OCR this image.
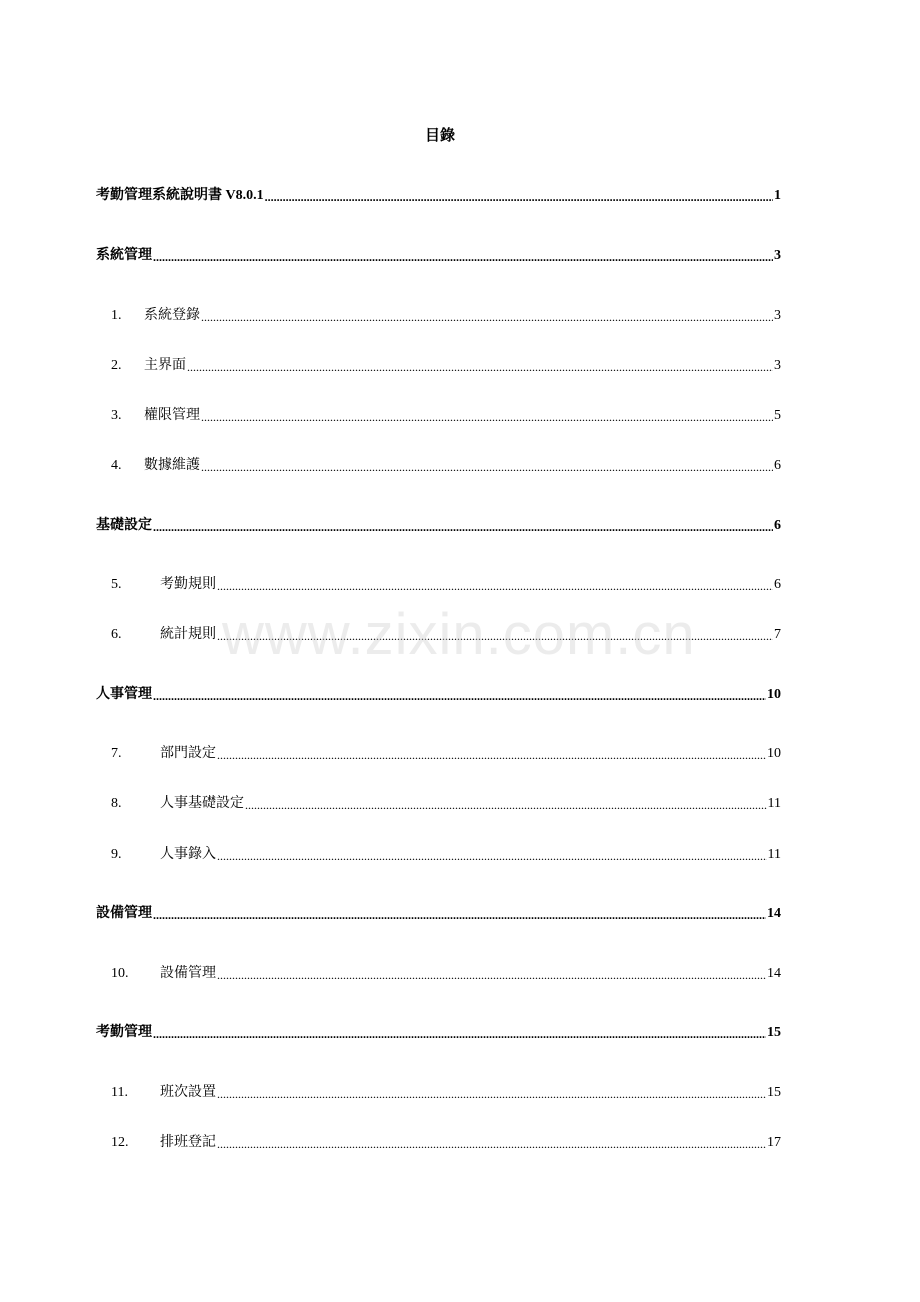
目錄
考勤管理系統說明書 V8.0.1 .....	1
系統管理 .....	3
1.	系統登錄 .....	3
2.	主界面 .....	3
3.	權限管理 .....	5
4.	數據維護 .....	6
基礎設定 .....	6
5.	考勤規則 .....	6
6.	統計規則 .....	7
人事管理 .....	10
7.	部門設定 .....	10
8.	人事基礎設定 .....	11
9.	人事錄入 .....	11
設備管理 .....	14
10.	設備管理 .....	14
考勤管理 .....	15
11.	班次設置 .....	15
12.	排班登記 .....	17
www.zixin.com.cn
